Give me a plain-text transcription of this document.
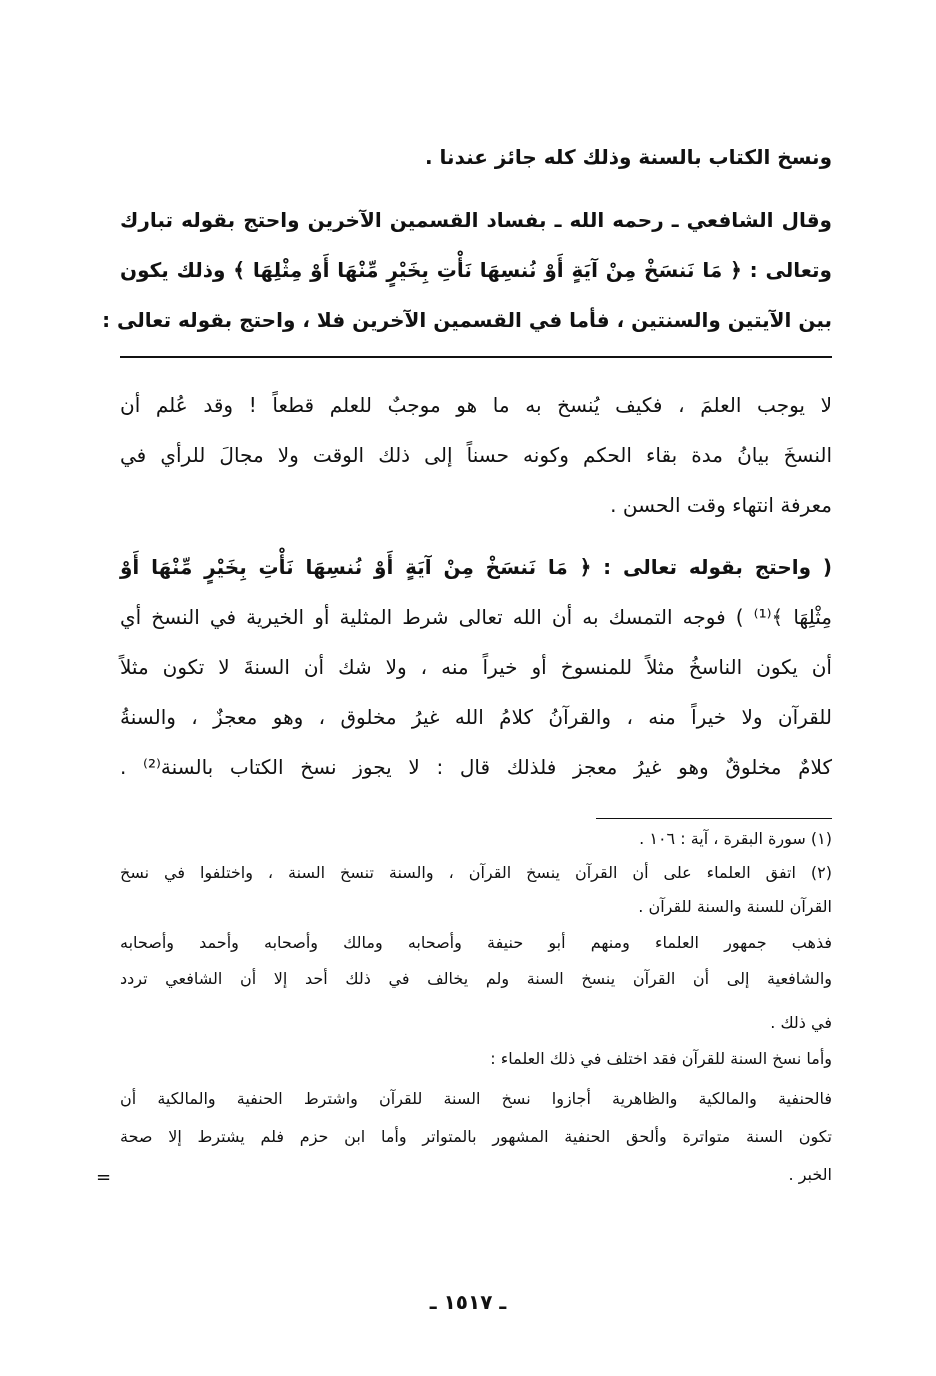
ونسخ الكتاب بالسنة وذلك كله جائز عندنا .
وقال الشافعي ـ رحمه الله ـ بفساد القسمين الآخرين واحتج بقوله تبارك
وتعالى : ﴿ مَا نَنسَخْ مِنْ آيَةٍ أَوْ نُنسِهَا نَأْتِ بِخَيْرٍ مِّنْهَا أَوْ مِثْلِهَا ﴾ وذلك يكون
بين الآيتين والسنتين ، فأما في القسمين الآخرين فلا ، واحتج بقوله تعالى :
لا يوجب العلمَ ، فكيف يُنسخ به ما هو موجبٌ للعلم قطعاً ! وقد عُلم أن
النسخَ بيانُ مدة بقاء الحكم وكونه حسناً إلى ذلك الوقت ولا مجالَ للرأي في
معرفة انتهاء وقت الحسن .
( واحتج بقوله تعالى : ﴿ مَا نَنسَخْ مِنْ آيَةٍ أَوْ نُنسِهَا نَأْتِ بِخَيْرٍ مِّنْهَا أَوْ
مِثْلِهَا ﴾⁽¹⁾ ) فوجه التمسك به أن الله تعالى شرط المثلية أو الخيرية في النسخ أي
أن يكون الناسخُ مثلاً للمنسوخ أو خيراً منه ، ولا شك أن السنةَ لا تكون مثلاً
للقرآن ولا خيراً منه ، والقرآنُ كلامُ الله غيرُ مخلوق ، وهو معجزٌ ، والسنةُ
كلامٌ مخلوقٌ وهو غيرُ معجز فلذلك قال : لا يجوز نسخ الكتاب بالسنة⁽²⁾ .
(١) سورة البقرة ، آية : ١٠٦ .
(٢) اتفق العلماء على أن القرآن ينسخ القرآن ، والسنة تنسخ السنة ، واختلفوا في نسخ
القرآن للسنة والسنة للقرآن .
فذهب جمهور العلماء ومنهم أبو حنيفة وأصحابه ومالك وأصحابه وأحمد وأصحابه
والشافعية إلى أن القرآن ينسخ السنة ولم يخالف في ذلك أحد إلا أن الشافعي تردد
في ذلك .
وأما نسخ السنة للقرآن فقد اختلف في ذلك العلماء :
فالحنفية والمالكية والظاهرية أجازوا نسخ السنة للقرآن واشترط الحنفية والمالكية أن
تكون السنة متواترة وألحق الحنفية المشهور بالمتواتر وأما ابن حزم فلم يشترط إلا صحة
الخبر .
=
ـ ١٥١٧ ـ
